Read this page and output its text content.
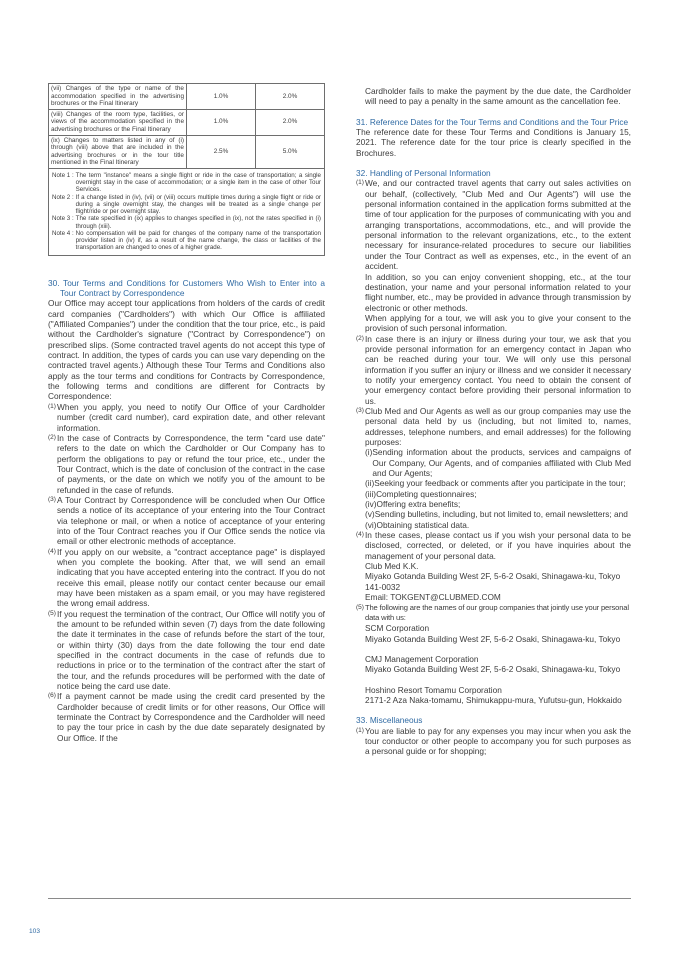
(vii) Changes of the type or name of the accommodation specified in the advertising brochures or the Final Itinerary	1.0%	2.0%
(viii) Changes of the room type, facilities, or views of the accommodation specified in the advertising brochures or the Final Itinerary	1.0%	2.0%
(ix) Changes to matters listed in any of (i) through (viii) above that are included in the advertising brochures or in the tour title mentioned in the Final Itinerary	2.5%	5.0%
Note 1 : The term "instance" means a single flight or ride in the case of transportation; a single overnight stay in the case of accommodation; or a single item in the case of other Tour Services.
Note 2 : If a change listed in (iv), (vii) or (viii) occurs multiple times during a single flight or ride or during a single overnight stay, the changes will be treated as a single change per flight/ride or per overnight stay.
Note 3 : The rate specified in (ix) applies to changes specified in (ix), not the rates specified in (i) through (xiii).
Note 4 : No compensation will be paid for changes of the company name of the transportation provider listed in (iv) if, as a result of the name change, the class or facilities of the transportation are changed to ones of a higher grade.

30. Tour Terms and Conditions for Customers Who Wish to Enter into a Tour Contract by Correspondence

Our Office may accept tour applications from holders of the cards of credit card companies ("Cardholders") with which Our Office is affiliated ("Affiliated Companies") under the condition that the tour price, etc., is paid without the Cardholder's signature ("Contract by Correspondence") on prescribed slips. (Some contracted travel agents do not accept this type of contract. In addition, the types of cards you can use vary depending on the contracted travel agents.) Although these Tour Terms and Conditions also apply as the tour terms and conditions for Contracts by Correspondence, the following terms and conditions are different for Contracts by Correspondence:

(1) When you apply, you need to notify Our Office of your Cardholder number (credit card number), card expiration date, and other relevant information.
(2) In the case of Contracts by Correspondence, the term "card use date" refers to the date on which the Cardholder or Our Company has to perform the obligations to pay or refund the tour price, etc., under the Tour Contract, which is the date of conclusion of the contract in the case of payments, or the date on which we notify you of the amount to be refunded in the case of refunds.
(3) A Tour Contract by Correspondence will be concluded when Our Office sends a notice of its acceptance of your entering into the Tour Contract via telephone or mail, or when a notice of acceptance of your entering into of the Tour Contract reaches you if Our Office sends the notice via email or other electronic methods of acceptance.
(4) If you apply on our website, a "contract acceptance page" is displayed when you complete the booking. After that, we will send an email indicating that you have accepted entering into the contract. If you do not receive this email, please notify our contact center because our email may have been mistaken as a spam email, or you may have registered the wrong email address.
(5) If you request the termination of the contract, Our Office will notify you of the amount to be refunded within seven (7) days from the date following the date it terminates in the case of refunds before the start of the tour, or within thirty (30) days from the date following the tour end date specified in the contract documents in the case of refunds due to reductions in price or to the termination of the contract after the start of the tour, and the refunds procedures will be performed with the date of notice being the card use date.
(6) If a payment cannot be made using the credit card presented by the Cardholder because of credit limits or for other reasons, Our Office will terminate the Contract by Correspondence and the Cardholder will need to pay the tour price in cash by the due date separately designated by Our Office. If the

Cardholder fails to make the payment by the due date, the Cardholder will need to pay a penalty in the same amount as the cancellation fee.

31. Reference Dates for the Tour Terms and Conditions and the Tour Price

The reference date for these Tour Terms and Conditions is January 15, 2021. The reference date for the tour price is clearly specified in the Brochures.

32. Handling of Personal Information

(1) We, and our contracted travel agents that carry out sales activities on our behalf, (collectively, "Club Med and Our Agents") will use the personal information contained in the application forms submitted at the time of tour application for the purposes of communicating with you and arranging transportations, accommodations, etc., and will provide the personal information to the relevant organizations, etc., to the extent necessary for insurance-related procedures to secure our liabilities under the Tour Contract as well as expenses, etc., in the event of an accident.
In addition, so you can enjoy convenient shopping, etc., at the tour destination, your name and your personal information related to your flight number, etc., may be provided in advance through transmission by electronic or other methods.
When applying for a tour, we will ask you to give your consent to the provision of such personal information.
(2) In case there is an injury or illness during your tour, we ask that you provide personal information for an emergency contact in Japan who can be reached during your tour. We will only use this personal information if you suffer an injury or illness and we consider it necessary to notify your emergency contact. You need to obtain the consent of your emergency contact before providing their personal information to us.
(3) Club Med and Our Agents as well as our group companies may use the personal data held by us (including, but not limited to, names, addresses, telephone numbers, and email addresses) for the following purposes:
(i) Sending information about the products, services and campaigns of Our Company, Our Agents, and of companies affiliated with Club Med and Our Agents;
(ii) Seeking your feedback or comments after you participate in the tour;
(iii) Completing questionnaires;
(iv) Offering extra benefits;
(v) Sending bulletins, including, but not limited to, email newsletters; and
(vi) Obtaining statistical data.
(4) In these cases, please contact us if you wish your personal data to be disclosed, corrected, or deleted, or if you have inquiries about the management of your personal data.
Club Med K.K.
Miyako Gotanda Building West 2F, 5-6-2 Osaki, Shinagawa-ku, Tokyo 141-0032
Email: TOKGENT@CLUBMED.COM
(5) The following are the names of our group companies that jointly use your personal data with us:
SCM Corporation
Miyako Gotanda Building West 2F, 5-6-2 Osaki, Shinagawa-ku, Tokyo
CMJ Management Corporation
Miyako Gotanda Building West 2F, 5-6-2 Osaki, Shinagawa-ku, Tokyo
Hoshino Resort Tomamu Corporation
2171-2 Aza Naka-tomamu, Shimukappu-mura, Yufutsu-gun, Hokkaido

33. Miscellaneous

(1) You are liable to pay for any expenses you may incur when you ask the tour conductor or other people to accompany you for such purposes as a personal guide or for shopping;
103
